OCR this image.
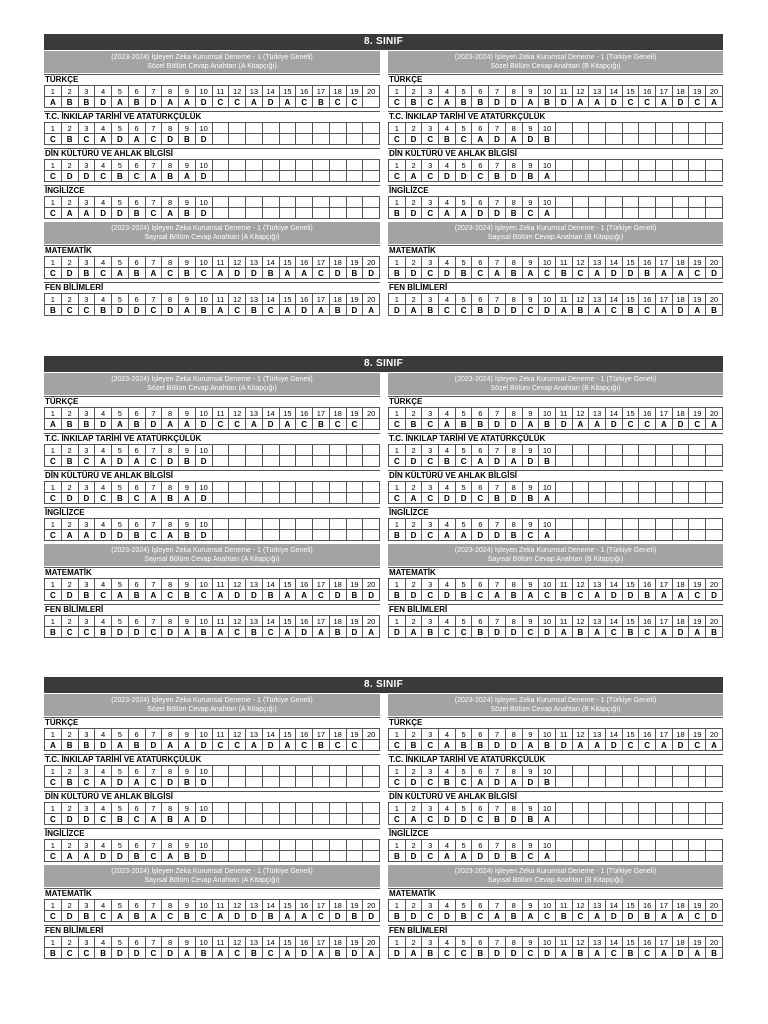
8. SINIF
(2023-2024) İşleyen Zeka Kurumsal Deneme - 1 (Türkiye Geneli)
Sözel Bölüm Cevap Anahtarı (A Kitapçığı)
TÜRKÇE
1	2	3	4	5	6	7	8	9	10	11	12	13	14	15	16	17	18	19	20
A	B	B	D	A	B	D	A	A	D	C	C	A	D	A	C	B	C	C	
T.C. İNKILAP TARİHİ VE ATATÜRKÇÜLÜK
1	2	3	4	5	6	7	8	9	10										
C	B	C	A	D	A	C	D	B	D										
DİN KÜLTÜRÜ VE AHLAK BİLGİSİ
1	2	3	4	5	6	7	8	9	10										
C	D	D	C	B	C	A	B	A	D										
İNGİLİZCE
1	2	3	4	5	6	7	8	9	10										
C	A	A	D	D	B	C	A	B	D										
(2023-2024) İşleyen Zeka Kurumsal Deneme - 1 (Türkiye Geneli)
Sayısal Bölüm Cevap Anahtarı (A Kitapçığı)
MATEMATİK
1	2	3	4	5	6	7	8	9	10	11	12	13	14	15	16	17	18	19	20
C	D	B	C	A	B	A	C	B	C	A	D	D	B	A	A	C	D	B	D
FEN BİLİMLERİ
1	2	3	4	5	6	7	8	9	10	11	12	13	14	15	16	17	18	19	20
B	C	C	B	D	D	C	D	A	B	A	C	B	C	A	D	A	B	D	A
(2023-2024) İşleyen Zeka Kurumsal Deneme - 1 (Türkiye Geneli)
Sözel Bölüm Cevap Anahtarı (B Kitapçığı)
TÜRKÇE
1	2	3	4	5	6	7	8	9	10	11	12	13	14	15	16	17	18	19	20
C	B	C	A	B	B	D	D	A	B	D	A	A	D	C	C	A	D	C	A
T.C. İNKILAP TARİHİ VE ATATÜRKÇÜLÜK
1	2	3	4	5	6	7	8	9	10										
C	D	C	B	C	A	D	A	D	B										
DİN KÜLTÜRÜ VE AHLAK BİLGİSİ
1	2	3	4	5	6	7	8	9	10										
C	A	C	D	D	C	B	D	B	A										
İNGİLİZCE
1	2	3	4	5	6	7	8	9	10										
B	D	C	A	A	D	D	B	C	A										
(2023-2024) İşleyen Zeka Kurumsal Deneme - 1 (Türkiye Geneli)
Sayısal Bölüm Cevap Anahtarı (B Kitapçığı)
MATEMATİK
1	2	3	4	5	6	7	8	9	10	11	12	13	14	15	16	17	18	19	20
B	D	C	D	B	C	A	B	A	C	B	C	A	D	D	B	A	A	C	D
FEN BİLİMLERİ
1	2	3	4	5	6	7	8	9	10	11	12	13	14	15	16	17	18	19	20
D	A	B	C	C	B	D	D	C	D	A	B	A	C	B	C	A	D	A	B
8. SINIF
(2023-2024) İşleyen Zeka Kurumsal Deneme - 1 (Türkiye Geneli)
Sözel Bölüm Cevap Anahtarı (A Kitapçığı)
TÜRKÇE
1	2	3	4	5	6	7	8	9	10	11	12	13	14	15	16	17	18	19	20
A	B	B	D	A	B	D	A	A	D	C	C	A	D	A	C	B	C	C	
T.C. İNKILAP TARİHİ VE ATATÜRKÇÜLÜK
1	2	3	4	5	6	7	8	9	10										
C	B	C	A	D	A	C	D	B	D										
DİN KÜLTÜRÜ VE AHLAK BİLGİSİ
1	2	3	4	5	6	7	8	9	10										
C	D	D	C	B	C	A	B	A	D										
İNGİLİZCE
1	2	3	4	5	6	7	8	9	10										
C	A	A	D	D	B	C	A	B	D										
(2023-2024) İşleyen Zeka Kurumsal Deneme - 1 (Türkiye Geneli)
Sayısal Bölüm Cevap Anahtarı (A Kitapçığı)
MATEMATİK
1	2	3	4	5	6	7	8	9	10	11	12	13	14	15	16	17	18	19	20
C	D	B	C	A	B	A	C	B	C	A	D	D	B	A	A	C	D	B	D
FEN BİLİMLERİ
1	2	3	4	5	6	7	8	9	10	11	12	13	14	15	16	17	18	19	20
B	C	C	B	D	D	C	D	A	B	A	C	B	C	A	D	A	B	D	A
(2023-2024) İşleyen Zeka Kurumsal Deneme - 1 (Türkiye Geneli)
Sözel Bölüm Cevap Anahtarı (B Kitapçığı)
TÜRKÇE
1	2	3	4	5	6	7	8	9	10	11	12	13	14	15	16	17	18	19	20
C	B	C	A	B	B	D	D	A	B	D	A	A	D	C	C	A	D	C	A
T.C. İNKILAP TARİHİ VE ATATÜRKÇÜLÜK
1	2	3	4	5	6	7	8	9	10										
C	D	C	B	C	A	D	A	D	B										
DİN KÜLTÜRÜ VE AHLAK BİLGİSİ
1	2	3	4	5	6	7	8	9	10										
C	A	C	D	D	C	B	D	B	A										
İNGİLİZCE
1	2	3	4	5	6	7	8	9	10										
B	D	C	A	A	D	D	B	C	A										
(2023-2024) İşleyen Zeka Kurumsal Deneme - 1 (Türkiye Geneli)
Sayısal Bölüm Cevap Anahtarı (B Kitapçığı)
MATEMATİK
1	2	3	4	5	6	7	8	9	10	11	12	13	14	15	16	17	18	19	20
B	D	C	D	B	C	A	B	A	C	B	C	A	D	D	B	A	A	C	D
FEN BİLİMLERİ
1	2	3	4	5	6	7	8	9	10	11	12	13	14	15	16	17	18	19	20
D	A	B	C	C	B	D	D	C	D	A	B	A	C	B	C	A	D	A	B
8. SINIF
(2023-2024) İşleyen Zeka Kurumsal Deneme - 1 (Türkiye Geneli)
Sözel Bölüm Cevap Anahtarı (A Kitapçığı)
TÜRKÇE
1	2	3	4	5	6	7	8	9	10	11	12	13	14	15	16	17	18	19	20
A	B	B	D	A	B	D	A	A	D	C	C	A	D	A	C	B	C	C	
T.C. İNKILAP TARİHİ VE ATATÜRKÇÜLÜK
1	2	3	4	5	6	7	8	9	10										
C	B	C	A	D	A	C	D	B	D										
DİN KÜLTÜRÜ VE AHLAK BİLGİSİ
1	2	3	4	5	6	7	8	9	10										
C	D	D	C	B	C	A	B	A	D										
İNGİLİZCE
1	2	3	4	5	6	7	8	9	10										
C	A	A	D	D	B	C	A	B	D										
(2023-2024) İşleyen Zeka Kurumsal Deneme - 1 (Türkiye Geneli)
Sayısal Bölüm Cevap Anahtarı (A Kitapçığı)
MATEMATİK
1	2	3	4	5	6	7	8	9	10	11	12	13	14	15	16	17	18	19	20
C	D	B	C	A	B	A	C	B	C	A	D	D	B	A	A	C	D	B	D
FEN BİLİMLERİ
1	2	3	4	5	6	7	8	9	10	11	12	13	14	15	16	17	18	19	20
B	C	C	B	D	D	C	D	A	B	A	C	B	C	A	D	A	B	D	A
(2023-2024) İşleyen Zeka Kurumsal Deneme - 1 (Türkiye Geneli)
Sözel Bölüm Cevap Anahtarı (B Kitapçığı)
TÜRKÇE
1	2	3	4	5	6	7	8	9	10	11	12	13	14	15	16	17	18	19	20
C	B	C	A	B	B	D	D	A	B	D	A	A	D	C	C	A	D	C	A
T.C. İNKILAP TARİHİ VE ATATÜRKÇÜLÜK
1	2	3	4	5	6	7	8	9	10										
C	D	C	B	C	A	D	A	D	B										
DİN KÜLTÜRÜ VE AHLAK BİLGİSİ
1	2	3	4	5	6	7	8	9	10										
C	A	C	D	D	C	B	D	B	A										
İNGİLİZCE
1	2	3	4	5	6	7	8	9	10										
B	D	C	A	A	D	D	B	C	A										
(2023-2024) İşleyen Zeka Kurumsal Deneme - 1 (Türkiye Geneli)
Sayısal Bölüm Cevap Anahtarı (B Kitapçığı)
MATEMATİK
1	2	3	4	5	6	7	8	9	10	11	12	13	14	15	16	17	18	19	20
B	D	C	D	B	C	A	B	A	C	B	C	A	D	D	B	A	A	C	D
FEN BİLİMLERİ
1	2	3	4	5	6	7	8	9	10	11	12	13	14	15	16	17	18	19	20
D	A	B	C	C	B	D	D	C	D	A	B	A	C	B	C	A	D	A	B
